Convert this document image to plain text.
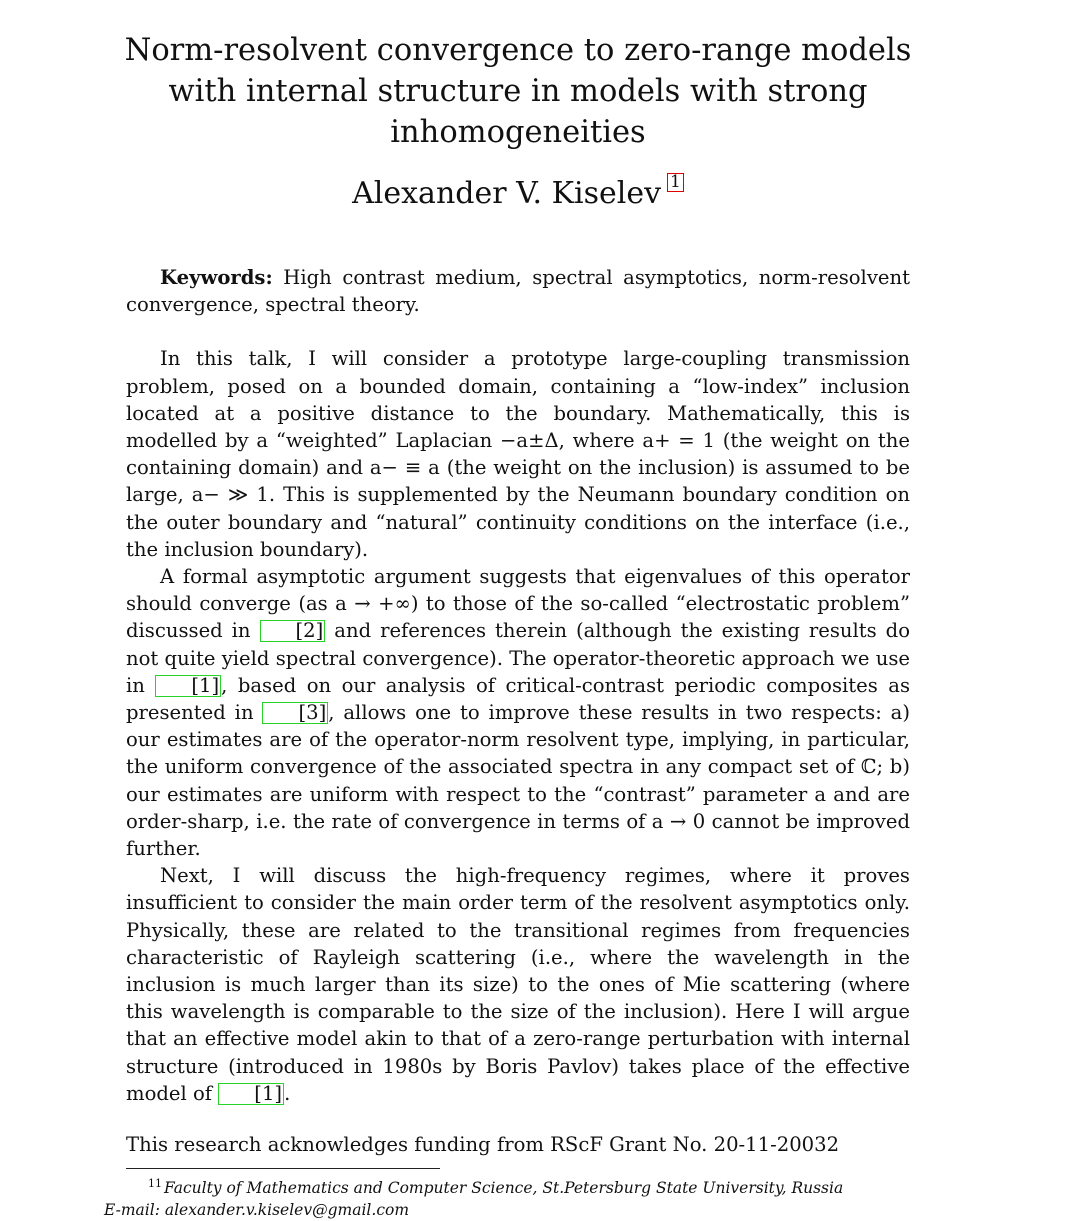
Norm-resolvent convergence to zero-range models with internal structure in models with strong inhomogeneities
Alexander V. Kiselev 1

Keywords: High contrast medium, spectral asymptotics, norm-resolvent convergence, spectral theory.

In this talk, I will consider a prototype large-coupling transmission problem, posed on a bounded domain, containing a “low-index” inclusion located at a positive distance to the boundary. Mathematically, this is modelled by a “weighted” Laplacian −a±Δ, where a+ = 1 (the weight on the containing domain) and a− ≡ a (the weight on the inclusion) is assumed to be large, a− ≫ 1. This is supplemented by the Neumann boundary condition on the outer boundary and “natural” continuity conditions on the interface (i.e., the inclusion boundary).

A formal asymptotic argument suggests that eigenvalues of this operator should converge (as a → +∞) to those of the so-called “electrostatic problem” discussed in [2] and references therein (although the existing results do not quite yield spectral convergence). The operator-theoretic approach we use in [1] , based on our analysis of critical-contrast periodic composites as presented in [3] , allows one to improve these results in two respects: a) our estimates are of the operator-norm resolvent type, implying, in particular, the uniform convergence of the associated spectra in any compact set of ℂ; b) our estimates are uniform with respect to the “contrast” parameter a and are order-sharp, i.e. the rate of convergence in terms of a → 0 cannot be improved further.

Next, I will discuss the high-frequency regimes, where it proves insufficient to consider the main order term of the resolvent asymptotics only. Physically, these are related to the transitional regimes from frequencies characteristic of Rayleigh scattering (i.e., where the wavelength in the inclusion is much larger than its size) to the ones of Mie scattering (where this wavelength is comparable to the size of the inclusion). Here I will argue that an effective model akin to that of a zero-range perturbation with internal structure (introduced in 1980s by Boris Pavlov) takes place of the effective model of [1] .

This research acknowledges funding from RScF Grant No. 20-11-20032
$^{11}$ Faculty of Mathematics and Computer Science, St.Petersburg State University, Russia
E-mail: alexander.v.kiselev@gmail.com
